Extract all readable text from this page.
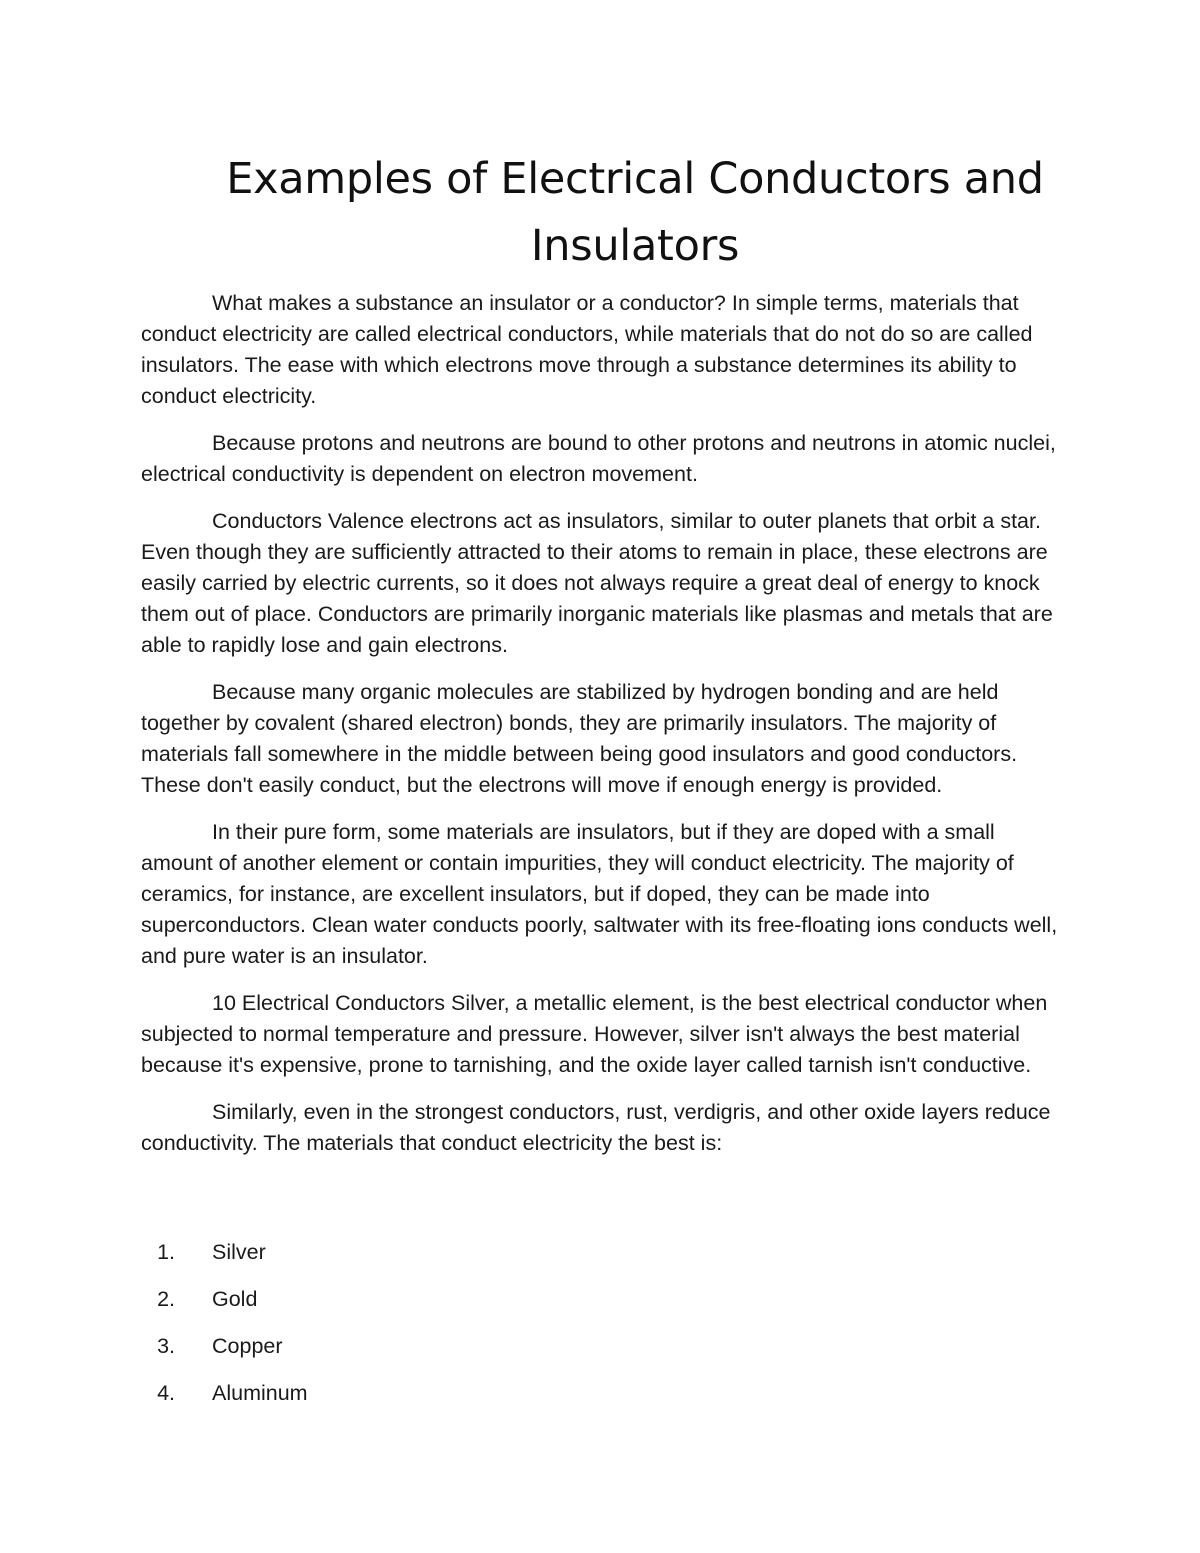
Examples of Electrical Conductors and Insulators

What makes a substance an insulator or a conductor? In simple terms, materials that conduct electricity are called electrical conductors, while materials that do not do so are called insulators. The ease with which electrons move through a substance determines its ability to conduct electricity.

Because protons and neutrons are bound to other protons and neutrons in atomic nuclei, electrical conductivity is dependent on electron movement.

Conductors Valence electrons act as insulators, similar to outer planets that orbit a star. Even though they are sufficiently attracted to their atoms to remain in place, these electrons are easily carried by electric currents, so it does not always require a great deal of energy to knock them out of place. Conductors are primarily inorganic materials like plasmas and metals that are able to rapidly lose and gain electrons.

Because many organic molecules are stabilized by hydrogen bonding and are held together by covalent (shared electron) bonds, they are primarily insulators. The majority of materials fall somewhere in the middle between being good insulators and good conductors. These don't easily conduct, but the electrons will move if enough energy is provided.

In their pure form, some materials are insulators, but if they are doped with a small amount of another element or contain impurities, they will conduct electricity. The majority of ceramics, for instance, are excellent insulators, but if doped, they can be made into superconductors. Clean water conducts poorly, saltwater with its free-floating ions conducts well, and pure water is an insulator.

10 Electrical Conductors Silver, a metallic element, is the best electrical conductor when subjected to normal temperature and pressure. However, silver isn't always the best material because it's expensive, prone to tarnishing, and the oxide layer called tarnish isn't conductive.

Similarly, even in the strongest conductors, rust, verdigris, and other oxide layers reduce conductivity. The materials that conduct electricity the best is:

1. Silver
2. Gold
3. Copper
4. Aluminum
